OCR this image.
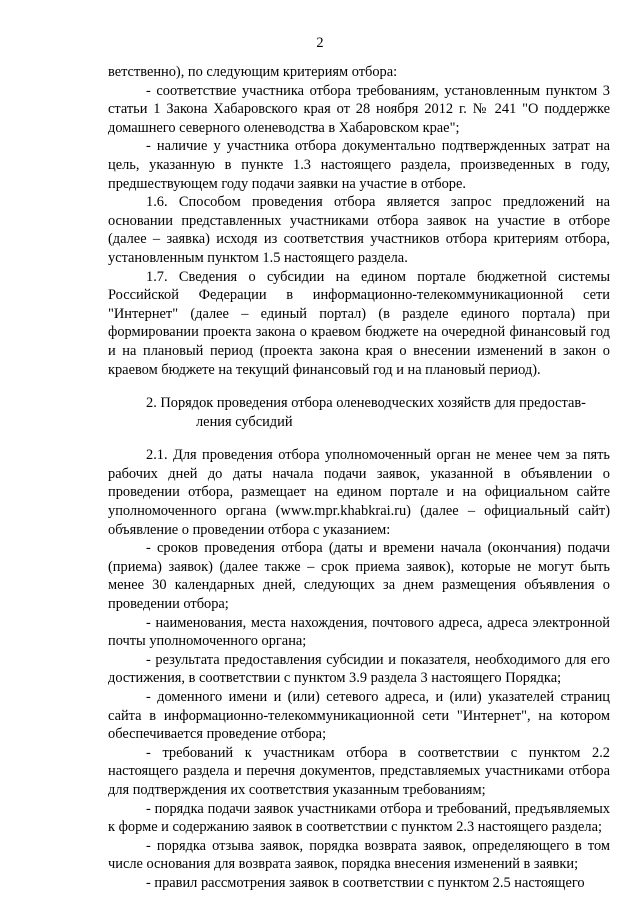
2

ветственно), по следующим критериям отбора:

- соответствие участника отбора требованиям, установленным пунктом 3 статьи 1 Закона Хабаровского края от 28 ноября 2012 г. № 241 "О поддержке домашнего северного оленеводства в Хабаровском крае";

- наличие у участника отбора документально подтвержденных затрат на цель, указанную в пункте 1.3 настоящего раздела, произведенных в году, предшествующем году подачи заявки на участие в отборе.

1.6. Способом проведения отбора является запрос предложений на основании представленных участниками отбора заявок на участие в отборе (далее – заявка) исходя из соответствия участников отбора критериям отбора, установленным пунктом 1.5 настоящего раздела.

1.7. Сведения о субсидии на едином портале бюджетной системы Российской Федерации в информационно-телекоммуникационной сети "Интернет" (далее – единый портал) (в разделе единого портала) при формировании проекта закона о краевом бюджете на очередной финансовый год и на плановый период (проекта закона края о внесении изменений в закон о краевом бюджете на текущий финансовый год и на плановый период).

2. Порядок проведения отбора оленеводческих хозяйств для предостав-
ления субсидий

2.1. Для проведения отбора уполномоченный орган не менее чем за пять рабочих дней до даты начала подачи заявок, указанной в объявлении о проведении отбора, размещает на едином портале и на официальном сайте уполномоченного органа (www.mpr.khabkrai.ru) (далее – официальный сайт) объявление о проведении отбора с указанием:

- сроков проведения отбора (даты и времени начала (окончания) подачи (приема) заявок) (далее также – срок приема заявок), которые не могут быть менее 30 календарных дней, следующих за днем размещения объявления о проведении отбора;

- наименования, места нахождения, почтового адреса, адреса электронной почты уполномоченного органа;

- результата предоставления субсидии и показателя, необходимого для его достижения, в соответствии с пунктом 3.9 раздела 3 настоящего Порядка;

- доменного имени и (или) сетевого адреса, и (или) указателей страниц сайта в информационно-телекоммуникационной сети "Интернет", на котором обеспечивается проведение отбора;

- требований к участникам отбора в соответствии с пунктом 2.2 настоящего раздела и перечня документов, представляемых участниками отбора для подтверждения их соответствия указанным требованиям;

- порядка подачи заявок участниками отбора и требований, предъявляемых к форме и содержанию заявок в соответствии с пунктом 2.3 настоящего раздела;

- порядка отзыва заявок, порядка возврата заявок, определяющего в том числе основания для возврата заявок, порядка внесения изменений в заявки;

- правил рассмотрения заявок в соответствии с пунктом 2.5 настоящего
